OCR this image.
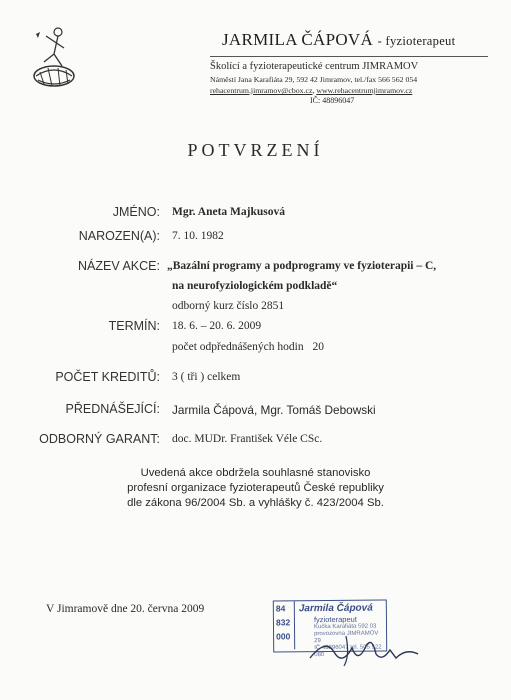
JARMILA ČÁPOVÁ - fyzioterapeut
Školící a fyzioterapeutické centrum JIMRAMOV
Náměstí Jana Karafiáta 29, 592 42 Jimramov, tel./fax 566 562 054
rehacentrum.jimramov@cbox.cz, www.rehacentrumjimramov.cz
IČ: 48896047
POTVRZENÍ
JMÉNO: Mgr. Aneta Majkusová
NAROZEN(A): 7. 10. 1982
NÁZEV AKCE: „Bazální programy a podprogramy ve fyzioterapii – C,
na neurofyziologickém podkladě“
odborný kurz číslo 2851
TERMÍN: 18. 6. – 20. 6. 2009
počet odpřednášených hodin 20
POČET KREDITŮ: 3 ( tři ) celkem
PŘEDNÁŠEJÍCÍ: Jarmila Čápová, Mgr. Tomáš Debowski
ODBORNÝ GARANT: doc. MUDr. František Véle CSc.
Uvedená akce obdržela souhlasné stanovisko
profesní organizace fyzioterapeutů České republiky
dle zákona 96/2004 Sb. a vyhlášky č. 423/2004 Sb.
V Jimramově dne 20. června 2009	84
832
000
Jarmila Čápová
fyzioterapeut
Kučka Karafiáta 592 03
provozovna JIMRAMOV 29
IČ 48896047 tel. 505 522 080
